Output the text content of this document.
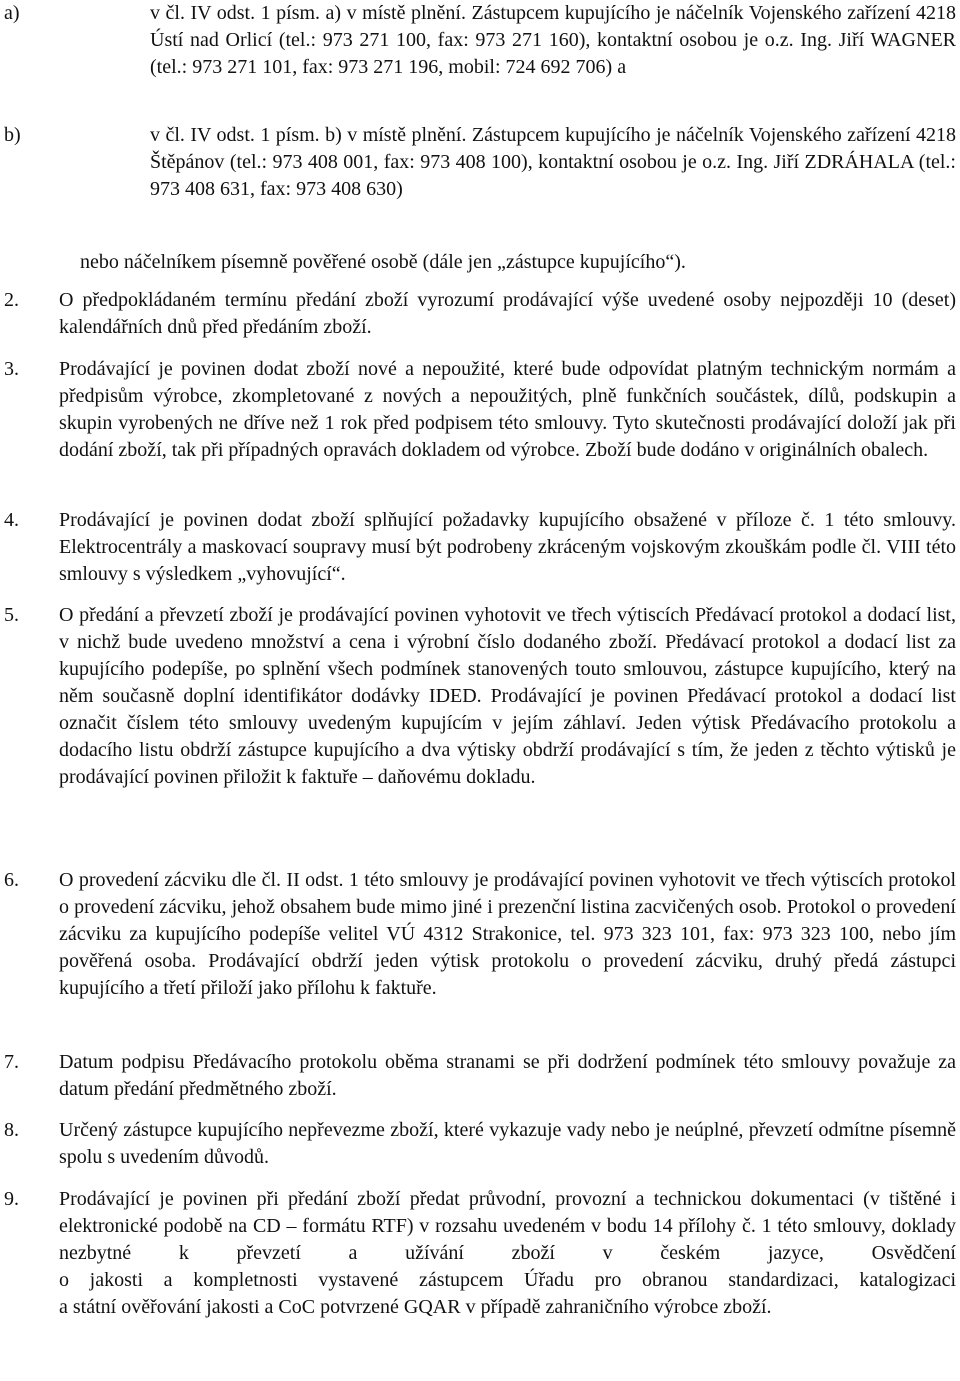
a)	v čl. IV odst. 1 písm. a) v místě plnění. Zástupcem kupujícího je náčelník Vojenského zařízení 4218 Ústí nad Orlicí (tel.: 973 271 100, fax: 973 271 160), kontaktní osobou je o.z. Ing. Jiří WAGNER (tel.: 973 271 101, fax: 973 271 196, mobil: 724 692 706) a
b)	v čl. IV odst. 1 písm. b) v místě plnění. Zástupcem kupujícího je náčelník Vojenského zařízení 4218 Štěpánov (tel.: 973 408 001, fax: 973 408 100), kontaktní osobou je o.z. Ing. Jiří ZDRÁHALA (tel.: 973 408 631, fax: 973 408 630)
nebo náčelníkem písemně pověřené osobě (dále jen „zástupce kupujícího“).
2. O předpokládaném termínu předání zboží vyrozumí prodávající výše uvedené osoby nejpozději 10 (deset) kalendářních dnů před předáním zboží.
3. Prodávající je povinen dodat zboží nové a nepoužité, které bude odpovídat platným technickým normám a předpisům výrobce, zkompletované z nových a nepoužitých, plně funkčních součástek, dílů, podskupin a skupin vyrobených ne dříve než 1 rok před podpisem této smlouvy. Tyto skutečnosti prodávající doloží jak při dodání zboží, tak při případných opravách dokladem od výrobce. Zboží bude dodáno v originálních obalech.
4. Prodávající je povinen dodat zboží splňující požadavky kupujícího obsažené v příloze č. 1 této smlouvy. Elektrocentrály a maskovací soupravy musí být podrobeny zkráceným vojskovým zkouškám podle čl. VIII této smlouvy s výsledkem „vyhovující“.
5. O předání a převzetí zboží je prodávající povinen vyhotovit ve třech výtiscích Předávací protokol a dodací list, v nichž bude uvedeno množství a cena i výrobní číslo dodaného zboží. Předávací protokol a dodací list za kupujícího podepíše, po splnění všech podmínek stanovených touto smlouvou, zástupce kupujícího, který na něm současně doplní identifikátor dodávky IDED. Prodávající je povinen Předávací protokol a dodací list označit číslem této smlouvy uvedeným kupujícím v jejím záhlaví. Jeden výtisk Předávacího protokolu a dodacího listu obdrží zástupce kupujícího a dva výtisky obdrží prodávající s tím, že jeden z těchto výtisků je prodávající povinen přiložit k faktuře – daňovému dokladu.
6. O provedení zácviku dle čl. II odst. 1 této smlouvy je prodávající povinen vyhotovit ve třech výtiscích protokol o provedení zácviku, jehož obsahem bude mimo jiné i prezenční listina zacvičených osob. Protokol o provedení zácviku za kupujícího podepíše velitel VÚ 4312 Strakonice, tel. 973 323 101, fax: 973 323 100, nebo jím pověřená osoba. Prodávající obdrží jeden výtisk protokolu o provedení zácviku, druhý předá zástupci kupujícího a třetí přiloží jako přílohu k faktuře.
7. Datum podpisu Předávacího protokolu oběma stranami se při dodržení podmínek této smlouvy považuje za datum předání předmětného zboží.
8. Určený zástupce kupujícího nepřevezme zboží, které vykazuje vady nebo je neúplné, převzetí odmítne písemně spolu s uvedením důvodů.
9. Prodávající je povinen při předání zboží předat průvodní, provozní a technickou dokumentaci (v tištěné i elektronické podobě na CD – formátu RTF) v rozsahu uvedeném v bodu 14 přílohy č. 1 této smlouvy, doklady nezbytné k převzetí a užívání zboží v českém jazyce, Osvědčení
o jakosti a kompletnosti vystavené zástupcem Úřadu pro obranou standardizaci, katalogizaci
a státní ověřování jakosti a CoC potvrzené GQAR v případě zahraničního výrobce zboží.
